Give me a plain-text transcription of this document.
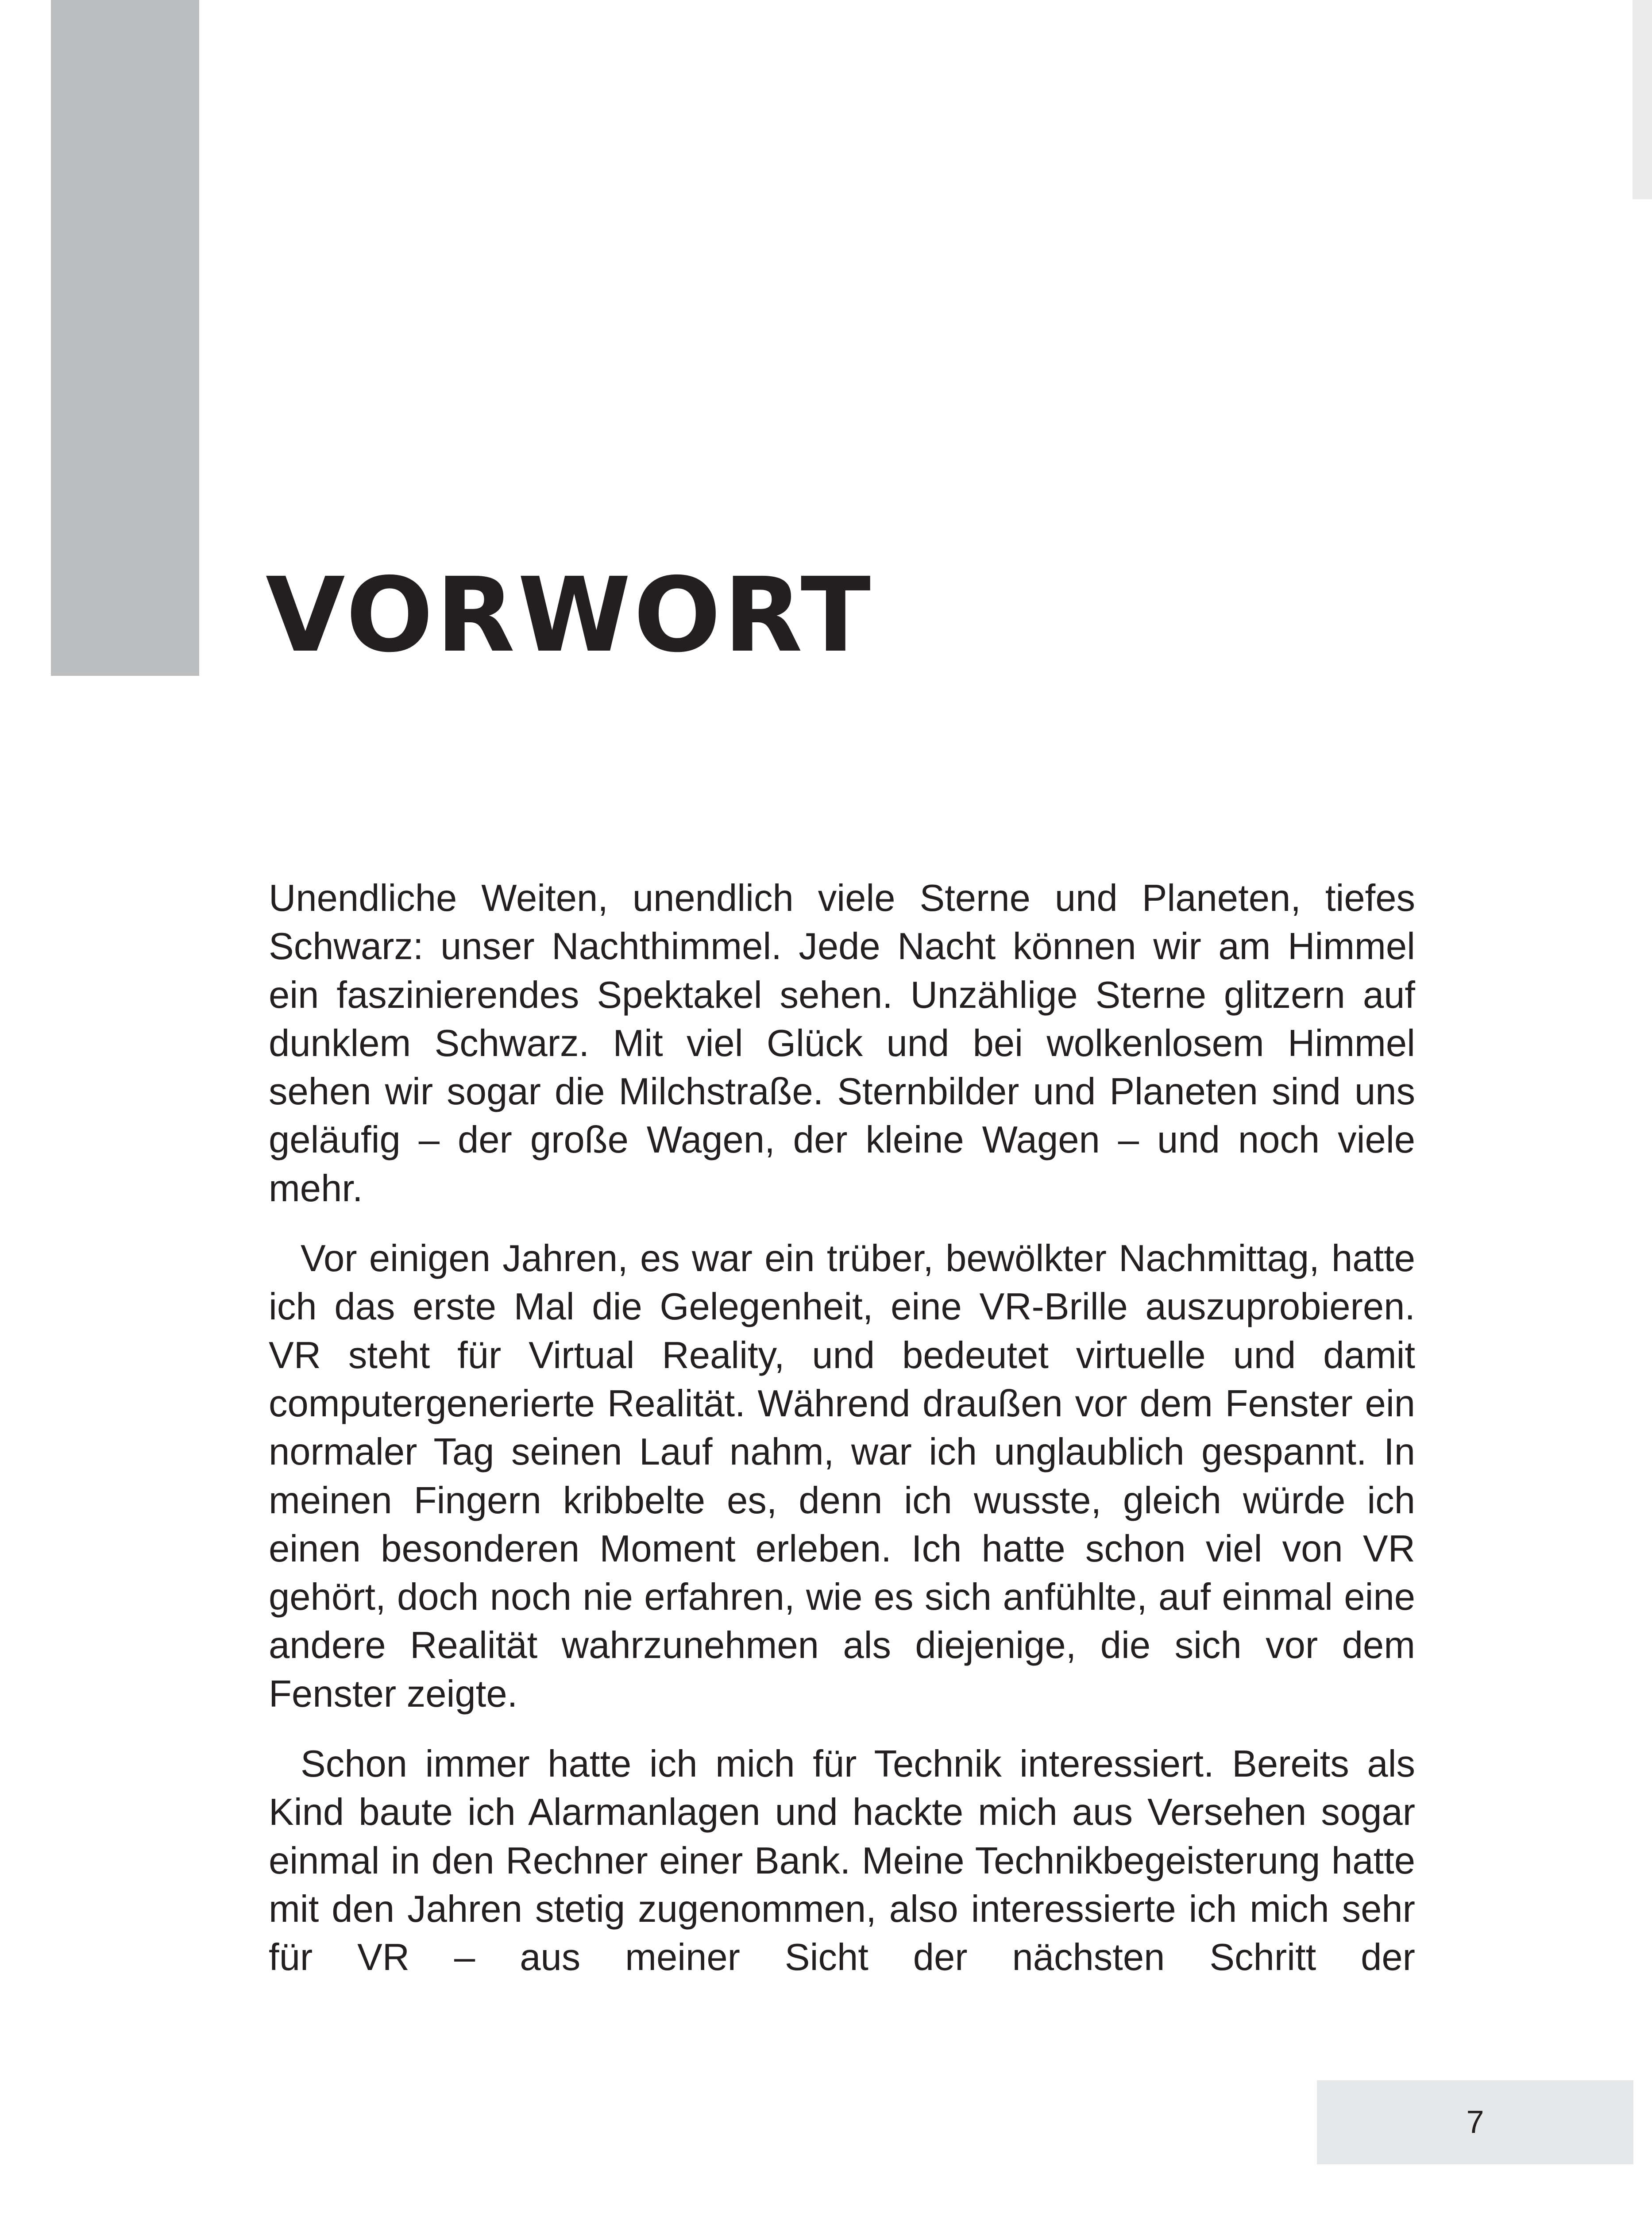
VORWORT

Unendliche Weiten, unendlich viele Sterne und Planeten, tiefes Schwarz: unser Nachthimmel. Jede Nacht können wir am Himmel ein faszinierendes Spektakel sehen. Unzählige Sterne glitzern auf dunklem Schwarz. Mit viel Glück und bei wolkenlosem Himmel sehen wir sogar die Milchstraße. Sternbilder und Planeten sind uns geläufig – der große Wagen, der kleine Wagen – und noch viele mehr.

Vor einigen Jahren, es war ein trüber, bewölkter Nachmittag, hatte ich das erste Mal die Gelegenheit, eine VR-Brille auszuprobieren. VR steht für Virtual Reality, und bedeutet virtuelle und damit computergenerierte Realität. Während draußen vor dem Fenster ein normaler Tag seinen Lauf nahm, war ich unglaublich gespannt. In meinen Fingern kribbelte es, denn ich wusste, gleich würde ich einen besonderen Moment erleben. Ich hatte schon viel von VR gehört, doch noch nie erfahren, wie es sich anfühlte, auf einmal eine andere Realität wahrzunehmen als diejenige, die sich vor dem Fenster zeigte.

Schon immer hatte ich mich für Technik interessiert. Bereits als Kind baute ich Alarmanlagen und hackte mich aus Versehen sogar einmal in den Rechner einer Bank. Meine Technikbegeisterung hatte mit den Jahren stetig zugenommen, also interessierte ich mich sehr für VR – aus meiner Sicht der nächsten Schritt der

7
